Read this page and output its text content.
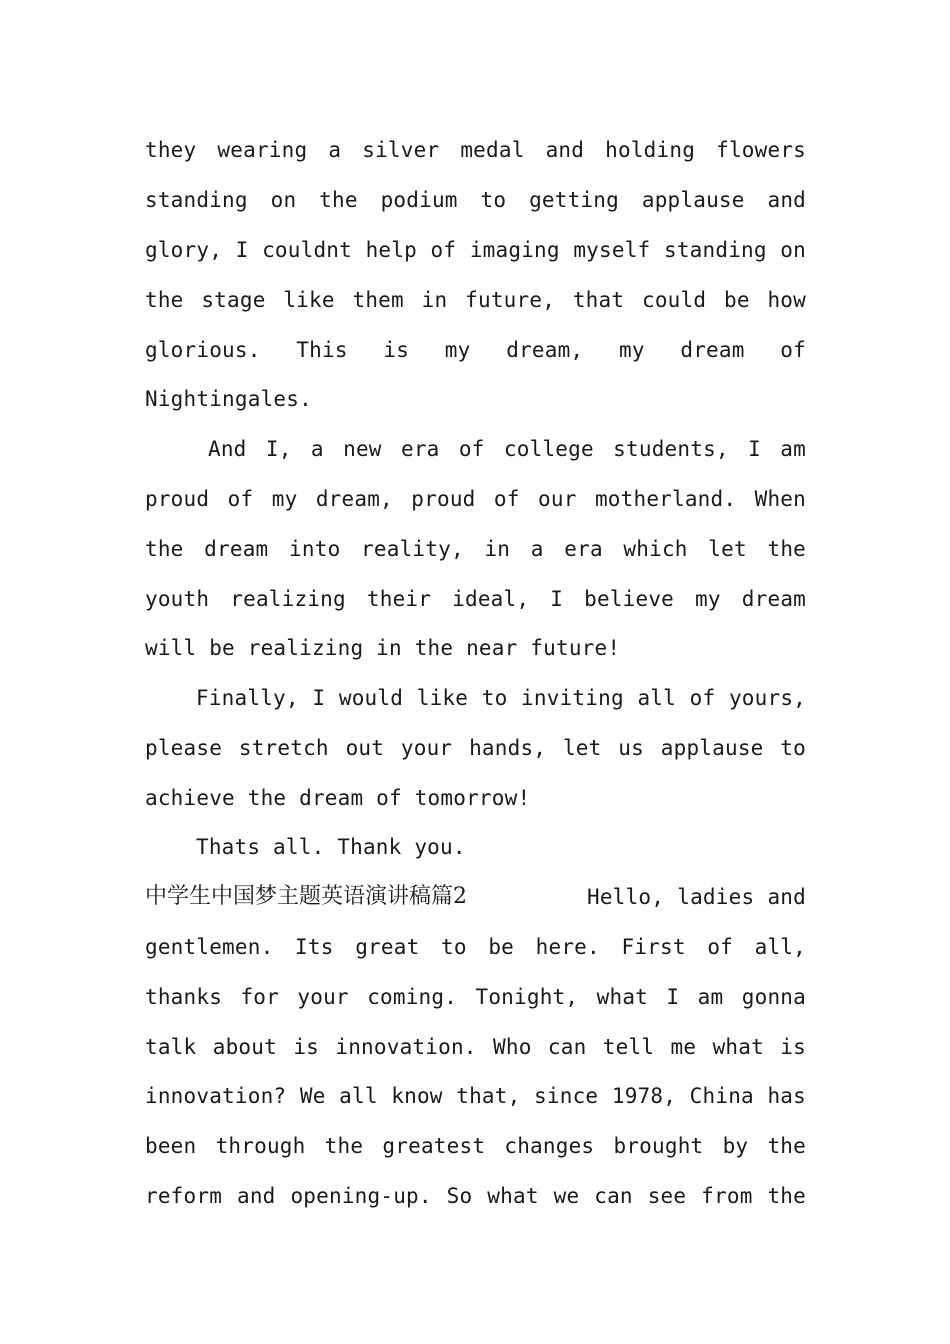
they wearing a silver medal and holding flowers
standing on the podium to getting applause and
glory, I couldnt help of imaging myself standing on
the stage like them in future, that could be how
glorious. This is my dream, my dream of
Nightingales.
And I, a new era of college students, I am
proud of my dream, proud of our motherland. When
the dream into reality, in a era which let the
youth realizing their ideal, I believe my dream
will be realizing in the near future!
Finally, I would like to inviting all of yours,
please stretch out your hands, let us applause to
achieve the dream of tomorrow!
Thats all. Thank you.
中学生中国梦主题英语演讲稿篇2	Hello, ladies and
gentlemen. Its great to be here. First of all,
thanks for your coming. Tonight, what I am gonna
talk about is innovation. Who can tell me what is
innovation? We all know that, since 1978, China has
been through the greatest changes brought by the
reform and opening-up. So what we can see from the
